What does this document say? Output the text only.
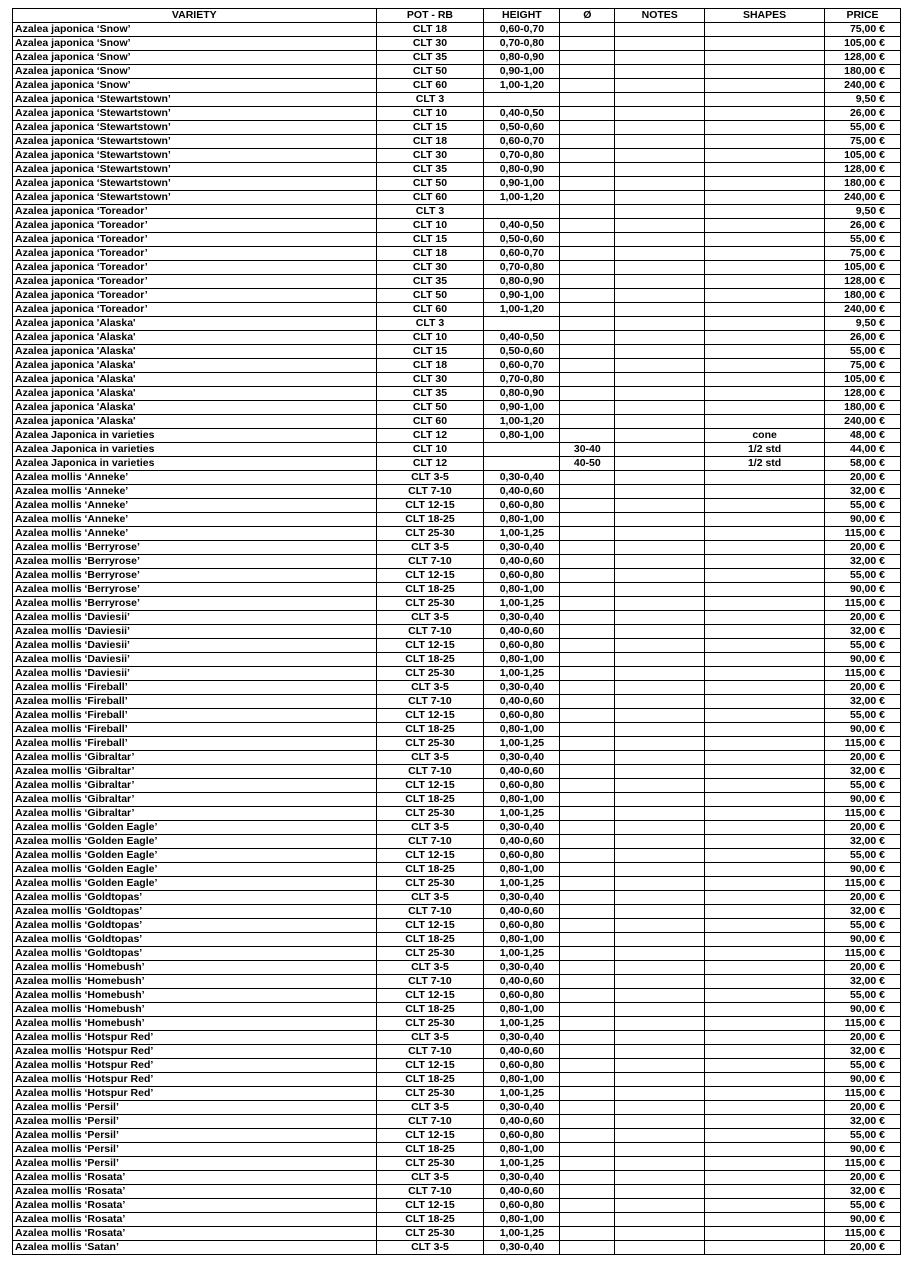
VARIETY	POT - RB	HEIGHT	Ø	NOTES	SHAPES	PRICE
Azalea japonica ‘Snow’	CLT 18	0,60-0,70				75,00 €
Azalea japonica ‘Snow’	CLT 30	0,70-0,80				105,00 €
Azalea japonica ‘Snow’	CLT 35	0,80-0,90				128,00 €
Azalea japonica ‘Snow’	CLT 50	0,90-1,00				180,00 €
Azalea japonica ‘Snow’	CLT 60	1,00-1,20				240,00 €
Azalea japonica ‘Stewartstown’	CLT 3					9,50 €
Azalea japonica ‘Stewartstown’	CLT 10	0,40-0,50				26,00 €
Azalea japonica ‘Stewartstown’	CLT 15	0,50-0,60				55,00 €
Azalea japonica ‘Stewartstown’	CLT 18	0,60-0,70				75,00 €
Azalea japonica ‘Stewartstown’	CLT 30	0,70-0,80				105,00 €
Azalea japonica ‘Stewartstown’	CLT 35	0,80-0,90				128,00 €
Azalea japonica ‘Stewartstown’	CLT 50	0,90-1,00				180,00 €
Azalea japonica ‘Stewartstown’	CLT 60	1,00-1,20				240,00 €
Azalea japonica ‘Toreador’	CLT 3					9,50 €
Azalea japonica ‘Toreador’	CLT 10	0,40-0,50				26,00 €
Azalea japonica ‘Toreador’	CLT 15	0,50-0,60				55,00 €
Azalea japonica ‘Toreador’	CLT 18	0,60-0,70				75,00 €
Azalea japonica ‘Toreador’	CLT 30	0,70-0,80				105,00 €
Azalea japonica ‘Toreador’	CLT 35	0,80-0,90				128,00 €
Azalea japonica ‘Toreador’	CLT 50	0,90-1,00				180,00 €
Azalea japonica ‘Toreador’	CLT 60	1,00-1,20				240,00 €
Azalea japonica 'Alaska'	CLT 3					9,50 €
Azalea japonica 'Alaska'	CLT 10	0,40-0,50				26,00 €
Azalea japonica 'Alaska'	CLT 15	0,50-0,60				55,00 €
Azalea japonica 'Alaska'	CLT 18	0,60-0,70				75,00 €
Azalea japonica 'Alaska'	CLT 30	0,70-0,80				105,00 €
Azalea japonica 'Alaska'	CLT 35	0,80-0,90				128,00 €
Azalea japonica 'Alaska'	CLT 50	0,90-1,00				180,00 €
Azalea japonica 'Alaska'	CLT 60	1,00-1,20				240,00 €
Azalea Japonica in varieties	CLT 12	0,80-1,00			cone	48,00 €
Azalea Japonica in varieties	CLT 10		30-40		1/2 std	44,00 €
Azalea Japonica in varieties	CLT 12		40-50		1/2 std	58,00 €
Azalea mollis ‘Anneke’	CLT 3-5	0,30-0,40				20,00 €
Azalea mollis ‘Anneke’	CLT 7-10	0,40-0,60				32,00 €
Azalea mollis ‘Anneke’	CLT 12-15	0,60-0,80				55,00 €
Azalea mollis ‘Anneke’	CLT 18-25	0,80-1,00				90,00 €
Azalea mollis ‘Anneke’	CLT 25-30	1,00-1,25				115,00 €
Azalea mollis ‘Berryrose’	CLT 3-5	0,30-0,40				20,00 €
Azalea mollis ‘Berryrose’	CLT 7-10	0,40-0,60				32,00 €
Azalea mollis ‘Berryrose’	CLT 12-15	0,60-0,80				55,00 €
Azalea mollis ‘Berryrose’	CLT 18-25	0,80-1,00				90,00 €
Azalea mollis ‘Berryrose’	CLT 25-30	1,00-1,25				115,00 €
Azalea mollis ‘Daviesii’	CLT 3-5	0,30-0,40				20,00 €
Azalea mollis ‘Daviesii’	CLT 7-10	0,40-0,60				32,00 €
Azalea mollis ‘Daviesii’	CLT 12-15	0,60-0,80				55,00 €
Azalea mollis ‘Daviesii’	CLT 18-25	0,80-1,00				90,00 €
Azalea mollis ‘Daviesii’	CLT 25-30	1,00-1,25				115,00 €
Azalea mollis ‘Fireball’	CLT 3-5	0,30-0,40				20,00 €
Azalea mollis ‘Fireball’	CLT 7-10	0,40-0,60				32,00 €
Azalea mollis ‘Fireball’	CLT 12-15	0,60-0,80				55,00 €
Azalea mollis ‘Fireball’	CLT 18-25	0,80-1,00				90,00 €
Azalea mollis ‘Fireball’	CLT 25-30	1,00-1,25				115,00 €
Azalea mollis ‘Gibraltar’	CLT 3-5	0,30-0,40				20,00 €
Azalea mollis ‘Gibraltar’	CLT 7-10	0,40-0,60				32,00 €
Azalea mollis ‘Gibraltar’	CLT 12-15	0,60-0,80				55,00 €
Azalea mollis ‘Gibraltar’	CLT 18-25	0,80-1,00				90,00 €
Azalea mollis ‘Gibraltar’	CLT 25-30	1,00-1,25				115,00 €
Azalea mollis ‘Golden Eagle’	CLT 3-5	0,30-0,40				20,00 €
Azalea mollis ‘Golden Eagle’	CLT 7-10	0,40-0,60				32,00 €
Azalea mollis ‘Golden Eagle’	CLT 12-15	0,60-0,80				55,00 €
Azalea mollis ‘Golden Eagle’	CLT 18-25	0,80-1,00				90,00 €
Azalea mollis ‘Golden Eagle’	CLT 25-30	1,00-1,25				115,00 €
Azalea mollis ‘Goldtopas’	CLT 3-5	0,30-0,40				20,00 €
Azalea mollis ‘Goldtopas’	CLT 7-10	0,40-0,60				32,00 €
Azalea mollis ‘Goldtopas’	CLT 12-15	0,60-0,80				55,00 €
Azalea mollis ‘Goldtopas’	CLT 18-25	0,80-1,00				90,00 €
Azalea mollis ‘Goldtopas’	CLT 25-30	1,00-1,25				115,00 €
Azalea mollis ‘Homebush’	CLT 3-5	0,30-0,40				20,00 €
Azalea mollis ‘Homebush’	CLT 7-10	0,40-0,60				32,00 €
Azalea mollis ‘Homebush’	CLT 12-15	0,60-0,80				55,00 €
Azalea mollis ‘Homebush’	CLT 18-25	0,80-1,00				90,00 €
Azalea mollis ‘Homebush’	CLT 25-30	1,00-1,25				115,00 €
Azalea mollis ‘Hotspur Red’	CLT 3-5	0,30-0,40				20,00 €
Azalea mollis ‘Hotspur Red’	CLT 7-10	0,40-0,60				32,00 €
Azalea mollis ‘Hotspur Red’	CLT 12-15	0,60-0,80				55,00 €
Azalea mollis ‘Hotspur Red’	CLT 18-25	0,80-1,00				90,00 €
Azalea mollis ‘Hotspur Red’	CLT 25-30	1,00-1,25				115,00 €
Azalea mollis ‘Persil’	CLT 3-5	0,30-0,40				20,00 €
Azalea mollis ‘Persil’	CLT 7-10	0,40-0,60				32,00 €
Azalea mollis ‘Persil’	CLT 12-15	0,60-0,80				55,00 €
Azalea mollis ‘Persil’	CLT 18-25	0,80-1,00				90,00 €
Azalea mollis ‘Persil’	CLT 25-30	1,00-1,25				115,00 €
Azalea mollis ‘Rosata’	CLT 3-5	0,30-0,40				20,00 €
Azalea mollis ‘Rosata’	CLT 7-10	0,40-0,60				32,00 €
Azalea mollis ‘Rosata’	CLT 12-15	0,60-0,80				55,00 €
Azalea mollis ‘Rosata’	CLT 18-25	0,80-1,00				90,00 €
Azalea mollis ‘Rosata’	CLT 25-30	1,00-1,25				115,00 €
Azalea mollis ‘Satan’	CLT 3-5	0,30-0,40				20,00 €
